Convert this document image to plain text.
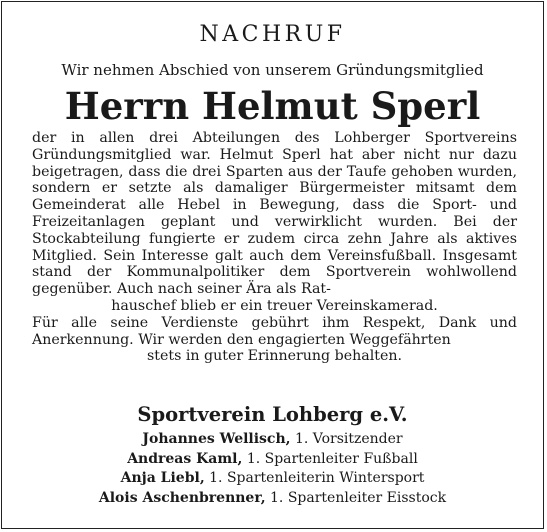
NACHRUF
Wir nehmen Abschied von unserem Gründungsmitglied
Herrn Helmut Sperl

der in allen drei Abteilungen des Lohberger Sportvereins Gründungsmitglied war. Helmut Sperl hat aber nicht nur dazu beigetragen, dass die drei Sparten aus der Taufe gehoben wurden, sondern er setzte als damaliger Bürgermeister mitsamt dem Gemeinderat alle Hebel in Bewegung, dass die Sport- und Freizeitanlagen geplant und verwirklicht wurden. Bei der Stockabteilung fungierte er zudem circa zehn Jahre als aktives Mitglied. Sein Interesse galt auch dem Vereinsfußball. Insgesamt stand der Kommunalpolitiker dem Sportverein wohlwollend gegenüber. Auch nach seiner Ära als Rat-

hauschef blieb er ein treuer Vereinskamerad.

Für alle seine Verdienste gebührt ihm Respekt, Dank und Anerkennung. Wir werden den engagierten Weggefährten

stets in guter Erinnerung behalten.

Sportverein Lohberg e.V.
Johannes Wellisch, 1. Vorsitzender
Andreas Kaml, 1. Spartenleiter Fußball
Anja Liebl, 1. Spartenleiterin Wintersport
Alois Aschenbrenner, 1. Spartenleiter Eisstock
